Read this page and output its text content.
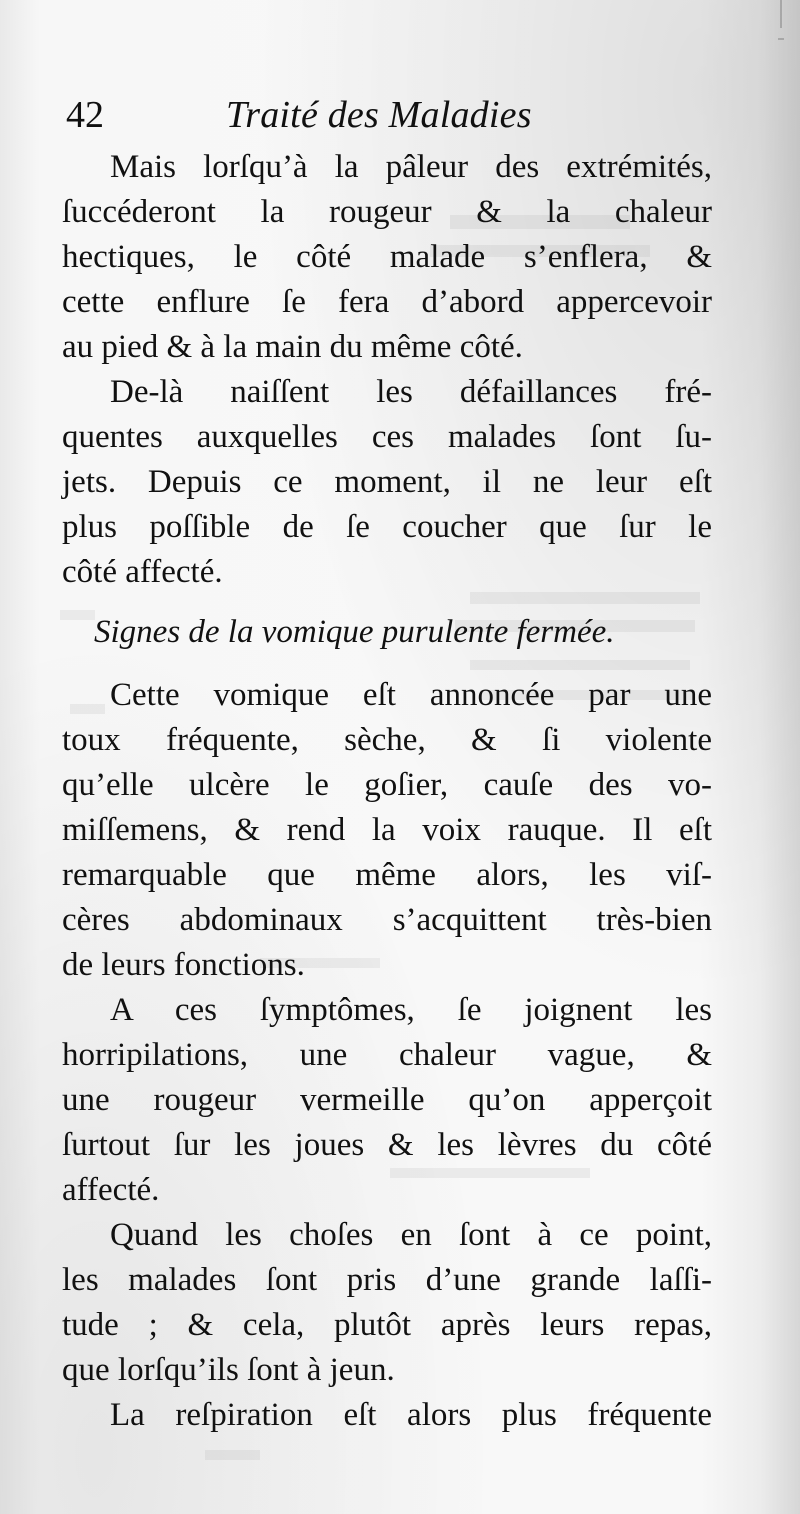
42	Traité des Maladies
Mais lorſqu’à la pâleur des extrémités,
ſuccéderont la rougeur & la chaleur
hectiques, le côté malade s’enflera, &
cette enflure ſe fera d’abord appercevoir
au pied & à la main du même côté.
De-là naiſſent les défaillances fré-
quentes auxquelles ces malades ſont ſu-
jets. Depuis ce moment, il ne leur eſt
plus poſſible de ſe coucher que ſur le
côté affecté.
Signes de la vomique purulente fermée.
Cette vomique eſt annoncée par une
toux fréquente, sèche, & ſi violente
qu’elle ulcère le goſier, cauſe des vo-
miſſemens, & rend la voix rauque. Il eſt
remarquable que même alors, les viſ-
cères abdominaux s’acquittent très-bien
de leurs fonctions.
A ces ſymptômes, ſe joignent les
horripilations, une chaleur vague, &
une rougeur vermeille qu’on apperçoit
ſurtout ſur les joues & les lèvres du côté
affecté.
Quand les choſes en ſont à ce point,
les malades ſont pris d’une grande laſſi-
tude ; & cela, plutôt après leurs repas,
que lorſqu’ils ſont à jeun.
La reſpiration eſt alors plus fréquente
